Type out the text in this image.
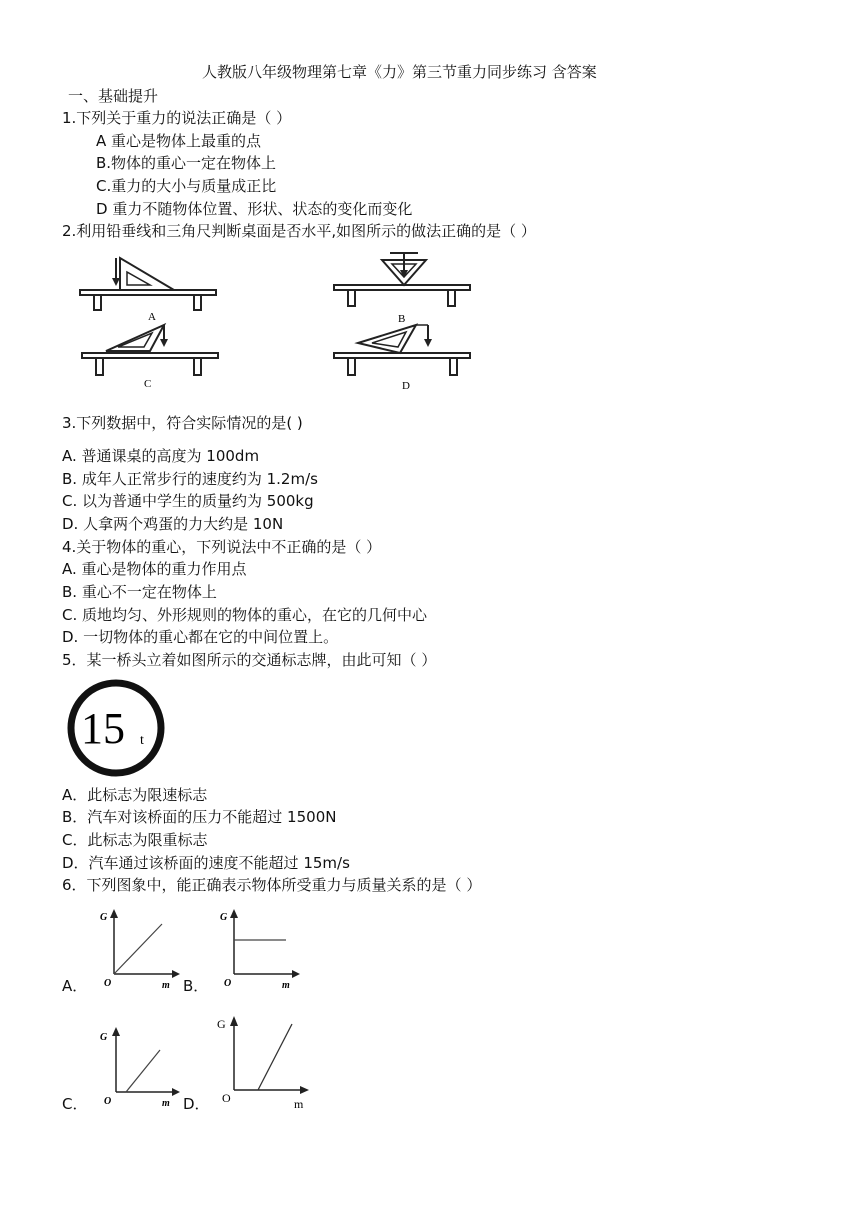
人教版八年级物理第七章《力》第三节重力同步练习 含答案
一、基础提升
1.下列关于重力的说法正确是（ ）
A 重心是物体上最重的点
B.物体的重心一定在物体上
C.重力的大小与质量成正比
D 重力不随物体位置、形状、状态的变化而变化
2.利用铅垂线和三角尺判断桌面是否水平,如图所示的做法正确的是（ ）
A	B
C	D
3.下列数据中，符合实际情况的是( )
A. 普通课桌的高度为 100dm
B. 成年人正常步行的速度约为 1.2m/s
C. 以为普通中学生的质量约为 500kg
D. 人拿两个鸡蛋的力大约是 10N
4.关于物体的重心，下列说法中不正确的是（ ）
A. 重心是物体的重力作用点
B. 重心不一定在物体上
C. 质地均匀、外形规则的物体的重心，在它的几何中心
D. 一切物体的重心都在它的中间位置上。
5．某一桥头立着如图所示的交通标志牌，由此可知（ ）
15 t
A．此标志为限速标志
B．汽车对该桥面的压力不能超过 1500N
C．此标志为限重标志
D．汽车通过该桥面的速度不能超过 15m/s
6．下列图象中，能正确表示物体所受重力与质量关系的是（ ）
G
O	m
A．
G
O	m
B．
G
O	m
C．
G
O	m
D．
